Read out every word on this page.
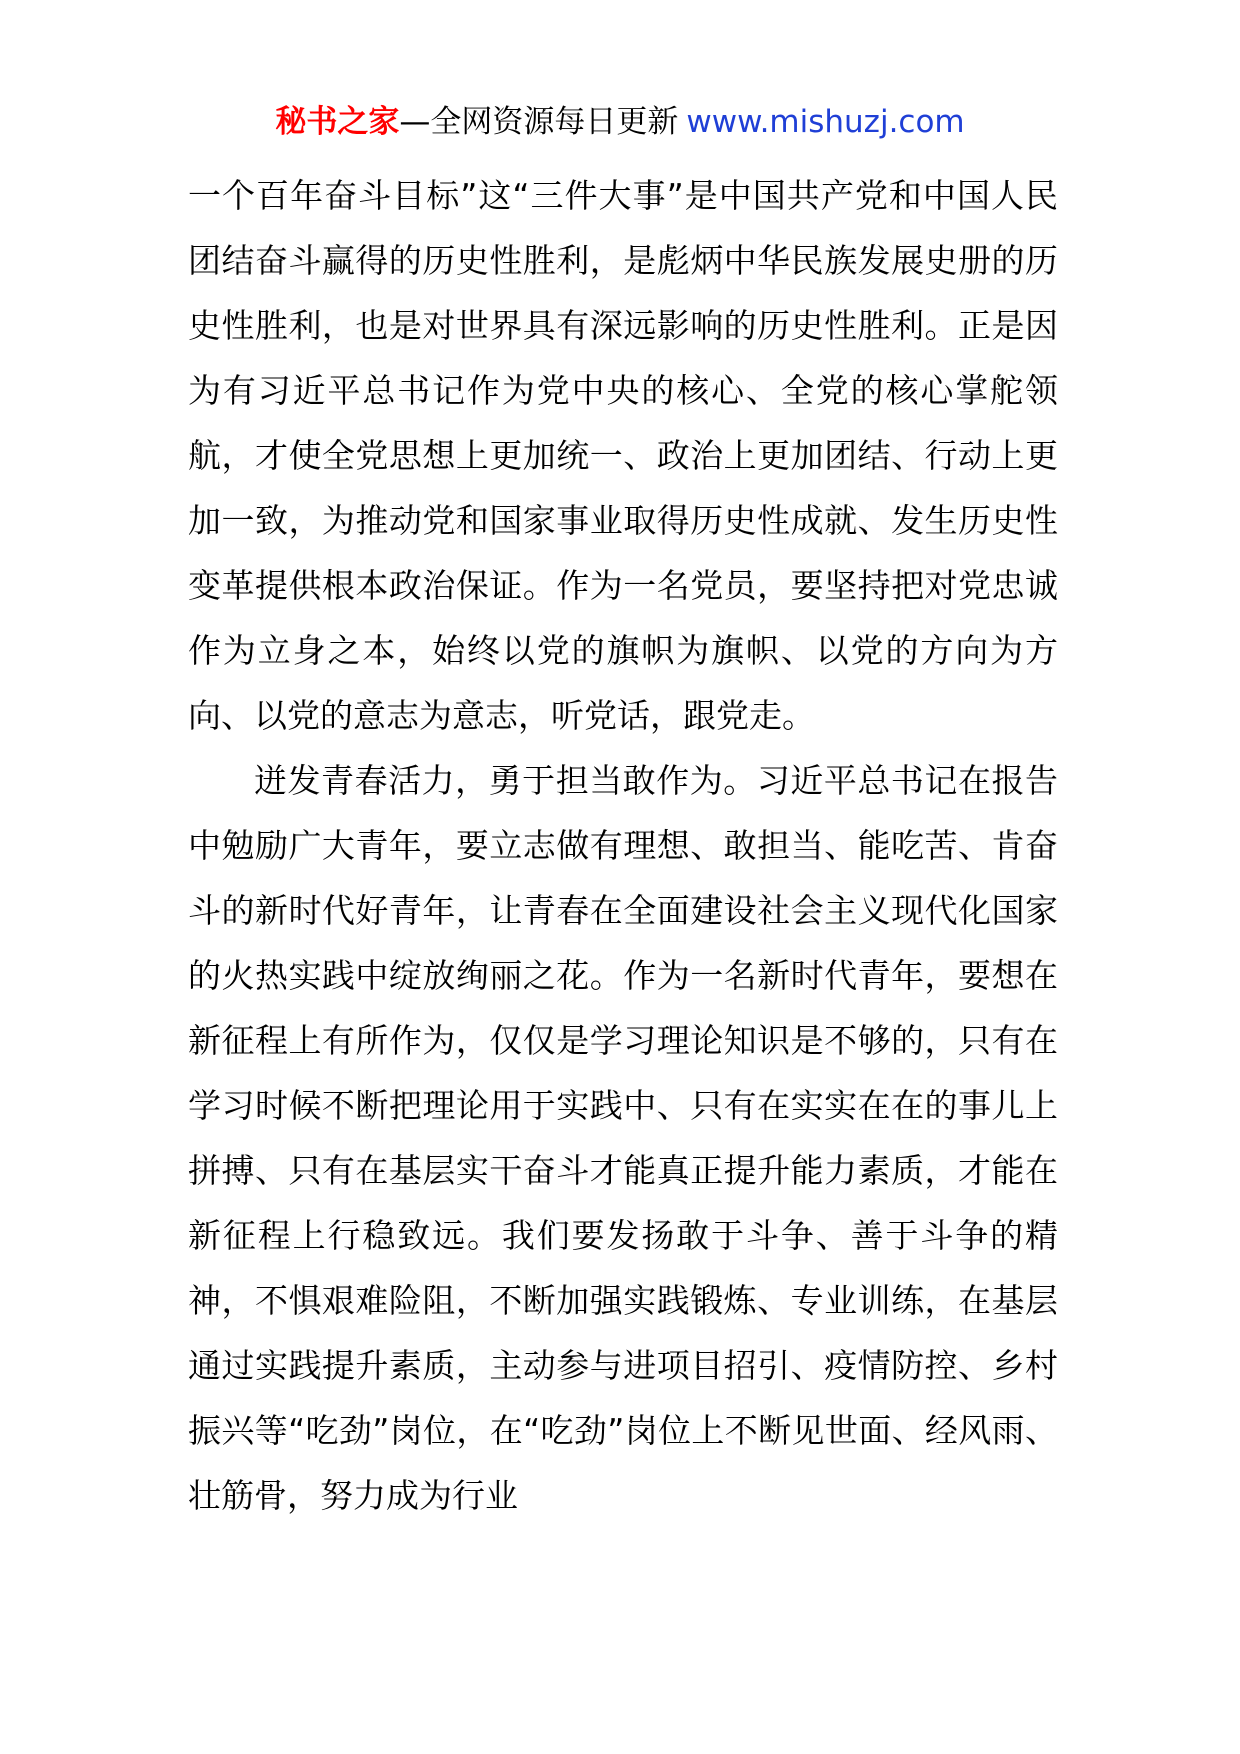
秘书之家—全网资源每日更新 www.mishuzj.com

一个百年奋斗目标”这“三件大事”是中国共产党和中国人民团结奋斗赢得的历史性胜利，是彪炳中华民族发展史册的历史性胜利，也是对世界具有深远影响的历史性胜利。正是因为有习近平总书记作为党中央的核心、全党的核心掌舵领航，才使全党思想上更加统一、政治上更加团结、行动上更加一致，为推动党和国家事业取得历史性成就、发生历史性变革提供根本政治保证。作为一名党员，要坚持把对党忠诚作为立身之本，始终以党的旗帜为旗帜、以党的方向为方向、以党的意志为意志，听党话，跟党走。

迸发青春活力，勇于担当敢作为。习近平总书记在报告中勉励广大青年，要立志做有理想、敢担当、能吃苦、肯奋斗的新时代好青年，让青春在全面建设社会主义现代化国家的火热实践中绽放绚丽之花。作为一名新时代青年，要想在新征程上有所作为，仅仅是学习理论知识是不够的，只有在学习时候不断把理论用于实践中、只有在实实在在的事儿上拼搏、只有在基层实干奋斗才能真正提升能力素质，才能在新征程上行稳致远。我们要发扬敢于斗争、善于斗争的精神，不惧艰难险阻，不断加强实践锻炼、专业训练，在基层通过实践提升素质，主动参与进项目招引、疫情防控、乡村振兴等“吃劲”岗位，在“吃劲”岗位上不断见世面、经风雨、壮筋骨，努力成为行业
